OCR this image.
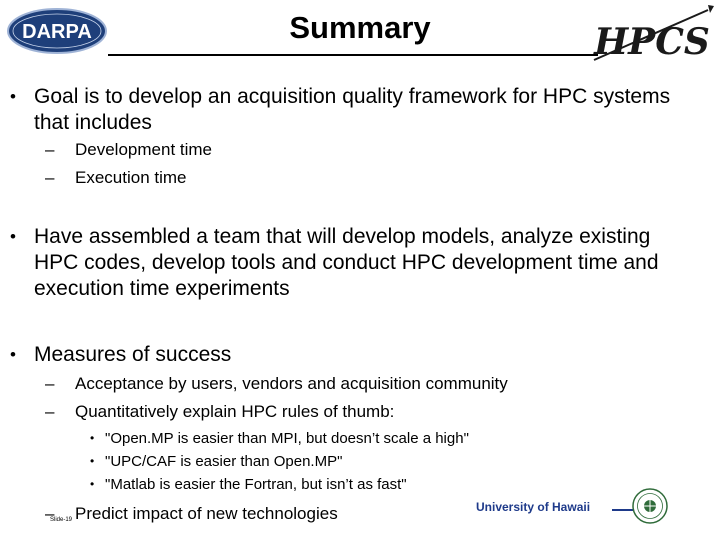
DARPA	Summary	HPCS
• Goal is to develop an acquisition quality framework for HPC systems that includes
– Development time
– Execution time
• Have assembled a team that will develop models, analyze existing HPC codes, develop tools and conduct HPC development time and execution time experiments
• Measures of success
– Acceptance by users, vendors and acquisition community
– Quantitatively explain HPC rules of thumb:
• "Open.MP is easier than MPI, but doesn’t scale a high"
• "UPC/CAF is easier than Open.MP"
• "Matlab is easier the Fortran, but isn’t as fast"
– Predict impact of new technologies
Slide-19
University of Hawaii
